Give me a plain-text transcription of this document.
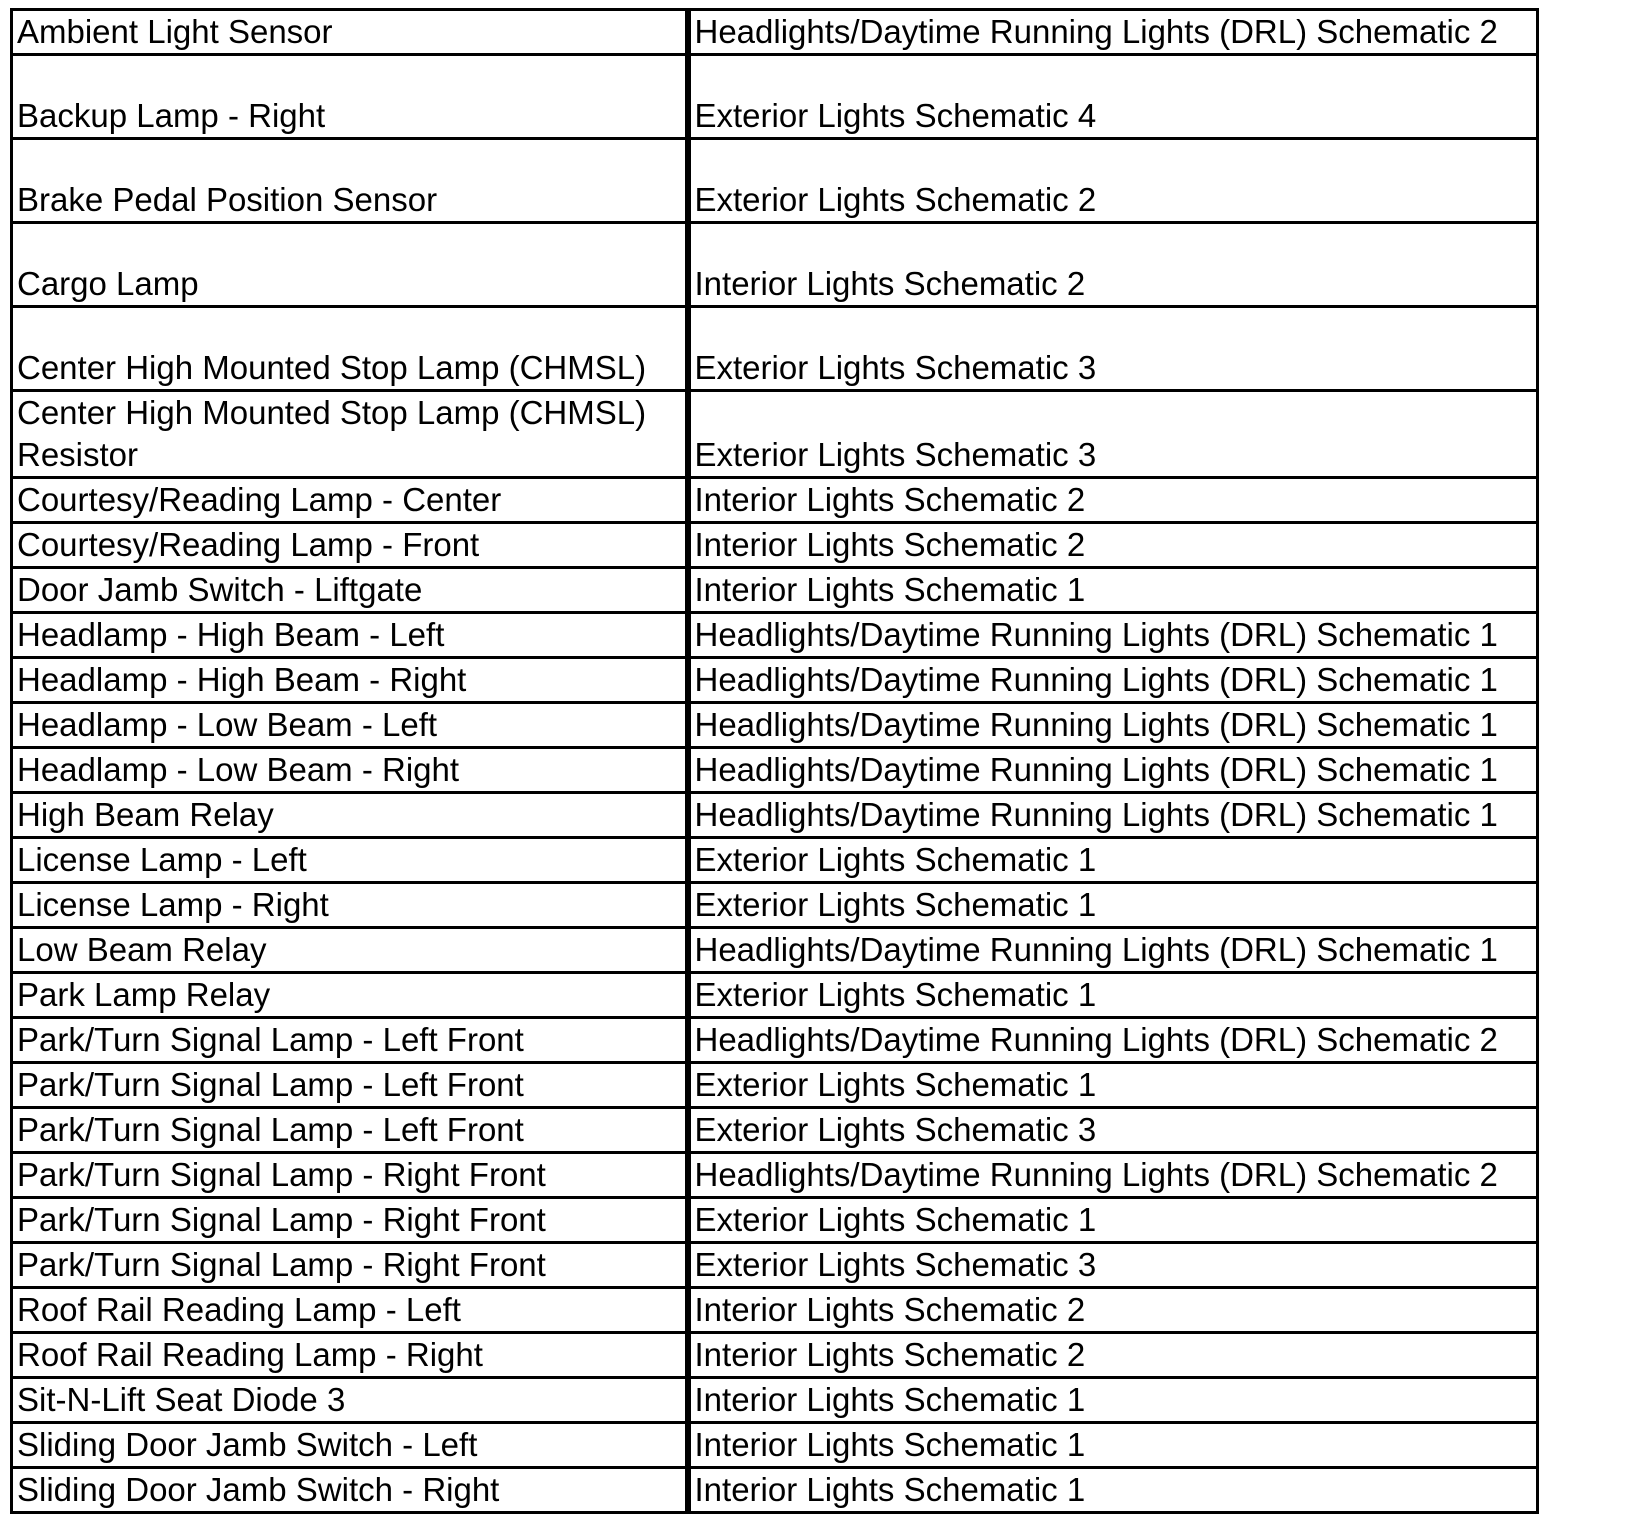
Ambient Light Sensor	Headlights/Daytime Running Lights (DRL) Schematic 2
Backup Lamp - Right	Exterior Lights Schematic 4
Brake Pedal Position Sensor	Exterior Lights Schematic 2
Cargo Lamp	Interior Lights Schematic 2
Center High Mounted Stop Lamp (CHMSL)	Exterior Lights Schematic 3
Center High Mounted Stop Lamp (CHMSL) Resistor	Exterior Lights Schematic 3
Courtesy/Reading Lamp - Center	Interior Lights Schematic 2
Courtesy/Reading Lamp - Front	Interior Lights Schematic 2
Door Jamb Switch - Liftgate	Interior Lights Schematic 1
Headlamp - High Beam - Left	Headlights/Daytime Running Lights (DRL) Schematic 1
Headlamp - High Beam - Right	Headlights/Daytime Running Lights (DRL) Schematic 1
Headlamp - Low Beam - Left	Headlights/Daytime Running Lights (DRL) Schematic 1
Headlamp - Low Beam - Right	Headlights/Daytime Running Lights (DRL) Schematic 1
High Beam Relay	Headlights/Daytime Running Lights (DRL) Schematic 1
License Lamp - Left	Exterior Lights Schematic 1
License Lamp - Right	Exterior Lights Schematic 1
Low Beam Relay	Headlights/Daytime Running Lights (DRL) Schematic 1
Park Lamp Relay	Exterior Lights Schematic 1
Park/Turn Signal Lamp - Left Front	Headlights/Daytime Running Lights (DRL) Schematic 2
Park/Turn Signal Lamp - Left Front	Exterior Lights Schematic 1
Park/Turn Signal Lamp - Left Front	Exterior Lights Schematic 3
Park/Turn Signal Lamp - Right Front	Headlights/Daytime Running Lights (DRL) Schematic 2
Park/Turn Signal Lamp - Right Front	Exterior Lights Schematic 1
Park/Turn Signal Lamp - Right Front	Exterior Lights Schematic 3
Roof Rail Reading Lamp - Left	Interior Lights Schematic 2
Roof Rail Reading Lamp - Right	Interior Lights Schematic 2
Sit-N-Lift Seat Diode 3	Interior Lights Schematic 1
Sliding Door Jamb Switch - Left	Interior Lights Schematic 1
Sliding Door Jamb Switch - Right	Interior Lights Schematic 1
